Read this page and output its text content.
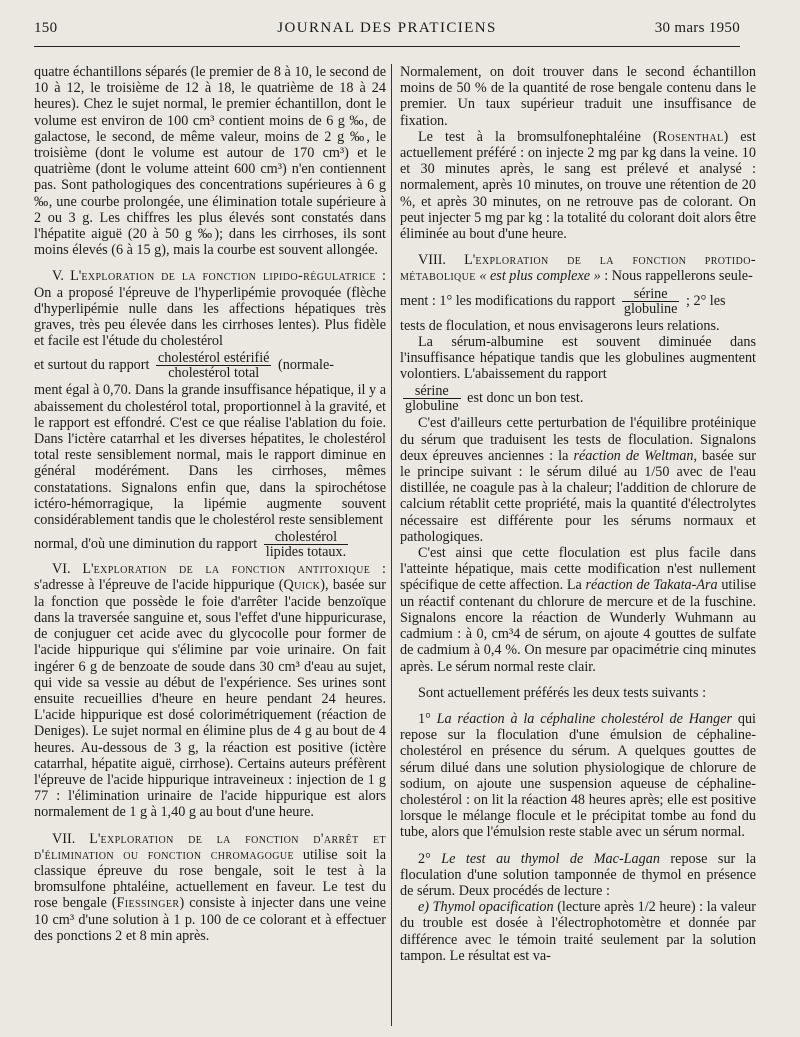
150	JOURNAL DES PRATICIENS	30 mars 1950

quatre échantillons séparés (le premier de 8 à 10, le second de 10 à 12, le troisième de 12 à 18, le quatrième de 18 à 24 heures). Chez le sujet normal, le premier échantillon, dont le volume est environ de 100 cm³ contient moins de 6 g ‰, de galactose, le second, de même valeur, moins de 2 g ‰, le troisième (dont le volume est autour de 170 cm³) et le quatrième (dont le volume atteint 600 cm³) n'en contiennent pas. Sont pathologiques des concentrations supérieures à 6 g ‰, une courbe prolongée, une élimination totale supérieure à 2 ou 3 g. Les chiffres les plus élevés sont constatés dans l'hépatite aiguë (20 à 50 g ‰); dans les cirrhoses, ils sont moins élevés (6 à 15 g), mais la courbe est souvent allongée.

V. L'exploration de la fonction lipido-régulatrice : On a proposé l'épreuve de l'hyperlipémie provoquée (flèche d'hyperlipémie nulle dans les affections hépatiques très graves, très peu élevée dans les cirrhoses lentes). Plus fidèle et facile est l'étude du cholestérol

et surtout du rapport $\frac{\text{cholestérol estérifié}}{\text{cholestérol total}}$ (normale-

ment égal à 0,70. Dans la grande insuffisance hépatique, il y a abaissement du cholestérol total, proportionnel à la gravité, et le rapport est effondré. C'est ce que réalise l'ablation du foie. Dans l'ictère catarrhal et les diverses hépatites, le cholestérol total reste sensiblement normal, mais le rapport diminue en général modérément. Dans les cirrhoses, mêmes constatations. Signalons enfin que, dans la spirochétose ictéro-hémorragique, la lipémie augmente souvent considérablement tandis que le cholestérol reste sensiblement

normal, d'où une diminution du rapport $\frac{\text{cholestérol}}{\text{lipides totaux.}}$

VI. L'exploration de la fonction antitoxique : s'adresse à l'épreuve de l'acide hippurique (Quick), basée sur la fonction que possède le foie d'arrêter l'acide benzoïque dans la traversée sanguine et, sous l'effet d'une hippuricurase, de conjuguer cet acide avec du glycocolle pour former de l'acide hippurique qui s'élimine par voie urinaire. On fait ingérer 6 g de benzoate de soude dans 30 cm³ d'eau au sujet, qui vide sa vessie au début de l'expérience. Ses urines sont ensuite recueillies d'heure en heure pendant 24 heures. L'acide hippurique est dosé colorimétriquement (réaction de Deniges). Le sujet normal en élimine plus de 4 g au bout de 4 heures. Au-dessous de 3 g, la réaction est positive (ictère catarrhal, hépatite aiguë, cirrhose). Certains auteurs préfèrent l'épreuve de l'acide hippurique intraveineux : injection de 1 g 77 : l'élimination urinaire de l'acide hippurique est alors normalement de 1 g à 1,40 g au bout d'une heure.

VII. L'exploration de la fonction d'arrêt et d'élimination ou fonction chromagogue utilise soit la classique épreuve du rose bengale, soit le test à la bromsulfone phtaléine, actuellement en faveur. Le test du rose bengale (Fiessinger) consiste à injecter dans une veine 10 cm³ d'une solution à 1 p. 100 de ce colorant et à effectuer des ponctions 2 et 8 min après.

Normalement, on doit trouver dans le second échantillon moins de 50 % de la quantité de rose bengale contenu dans le premier. Un taux supérieur traduit une insuffisance de fixation.

Le test à la bromsulfonephtaléine (Rosenthal) est actuellement préféré : on injecte 2 mg par kg dans la veine. 10 et 30 minutes après, le sang est prélevé et analysé : normalement, après 10 minutes, on trouve une rétention de 20 %, et après 30 minutes, on ne retrouve pas de colorant. On peut injecter 5 mg par kg : la totalité du colorant doit alors être éliminée au bout d'une heure.

VIII. L'exploration de la fonction protido-métabolique « est plus complexe » : Nous rappellerons seule-

ment : 1° les modifications du rapport $\frac{\text{sérine}}{\text{globuline}}$ ; 2° les

tests de floculation, et nous envisagerons leurs relations.

La sérum-albumine est souvent diminuée dans l'insuffisance hépatique tandis que les globulines augmentent volontiers. L'abaissement du rapport

$\frac{\text{sérine}}{\text{globuline}}$ est donc un bon test.

C'est d'ailleurs cette perturbation de l'équilibre protéinique du sérum que traduisent les tests de floculation. Signalons deux épreuves anciennes : la réaction de Weltman, basée sur le principe suivant : le sérum dilué au 1/50 avec de l'eau distillée, ne coagule pas à la chaleur; l'addition de chlorure de calcium rétablit cette propriété, mais la quantité d'électrolytes nécessaire est différente pour les sérums normaux et pathologiques.

C'est ainsi que cette floculation est plus facile dans l'atteinte hépatique, mais cette modification n'est nullement spécifique de cette affection. La réaction de Takata-Ara utilise un réactif contenant du chlorure de mercure et de la fuschine. Signalons encore la réaction de Wunderly Wuhmann au cadmium : à 0, cm³4 de sérum, on ajoute 4 gouttes de sulfate de cadmium à 0,4 %. On mesure par opacimétrie cinq minutes après. Le sérum normal reste clair.

Sont actuellement préférés les deux tests suivants :

1° La réaction à la céphaline cholestérol de Hanger qui repose sur la floculation d'une émulsion de céphaline-cholestérol en présence du sérum. A quelques gouttes de sérum dilué dans une solution physiologique de chlorure de sodium, on ajoute une suspension aqueuse de céphaline-cholestérol : on lit la réaction 48 heures après; elle est positive lorsque le mélange flocule et le précipitat tombe au fond du tube, alors que l'émulsion reste stable avec un sérum normal.

2° Le test au thymol de Mac-Lagan repose sur la floculation d'une solution tamponnée de thymol en présence de sérum. Deux procédés de lecture :

e) Thymol opacification (lecture après 1/2 heure) : la valeur du trouble est dosée à l'électrophotomètre et donnée par différence avec le témoin traité seulement par la solution tampon. Le résultat est va-
